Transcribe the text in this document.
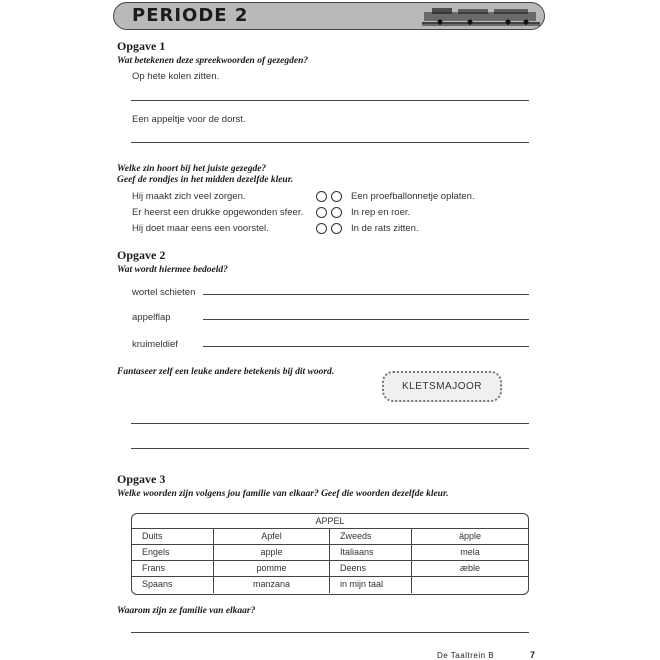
PERIODE 2
Opgave 1
Wat betekenen deze spreekwoorden of gezegden?
Op hete kolen zitten.
Een appeltje voor de dorst.
Welke zin hoort bij het juiste gezegde?
Geef de rondjes in het midden dezelfde kleur.
Hij maakt zich veel zorgen.	Een proefballonnetje oplaten.
Er heerst een drukke opgewonden sfeer.	In rep en roer.
Hij doet maar eens een voorstel.	In de rats zitten.
Opgave 2
Wat wordt hiermee bedoeld?
wortel schieten
appelflap
kruimeldief
Fantaseer zelf een leuke andere betekenis bij dit woord.
KLETSMAJOOR
Opgave 3
Welke woorden zijn volgens jou familie van elkaar? Geef die woorden dezelfde kleur.
APPEL
Duits	Apfel	Zweeds	äpple
Engels	apple	Italiaans	mela
Frans	pomme	Deens	æble
Spaans	manzana	in mijn taal
Waarom zijn ze familie van elkaar?
De Taaltrein B	7
